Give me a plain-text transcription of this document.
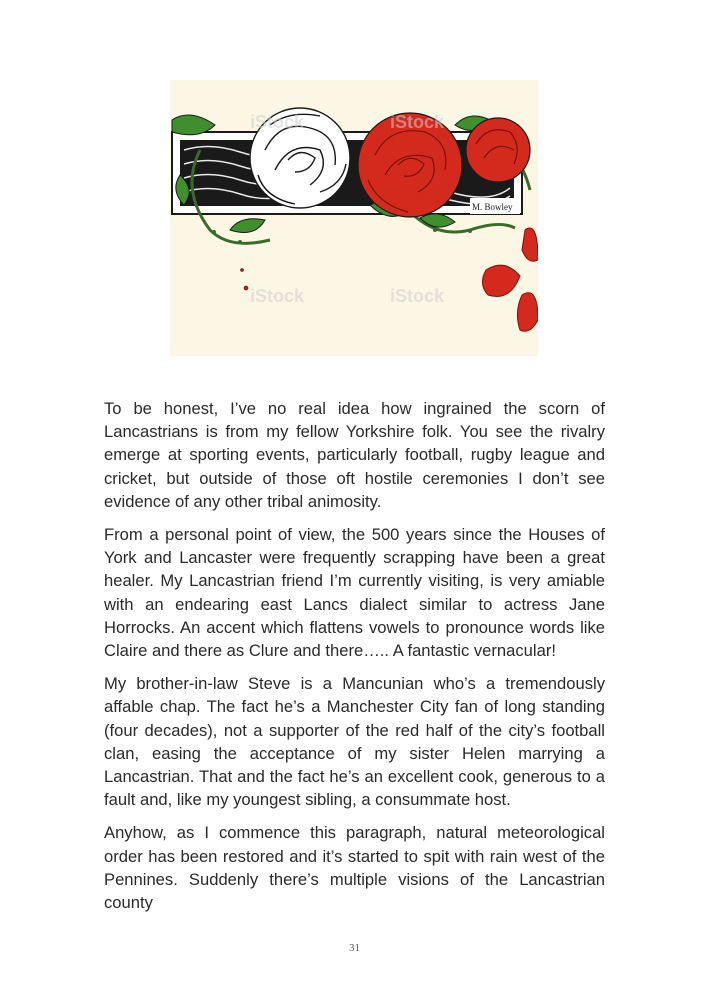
M. Bowley
iStock	iStock
iStock	iStock

To be honest, I’ve no real idea how ingrained the scorn of Lancastrians is from my fellow Yorkshire folk. You see the rivalry emerge at sporting events, particularly football, rugby league and cricket, but outside of those oft hostile ceremonies I don’t see evidence of any other tribal animosity.

From a personal point of view, the 500 years since the Houses of York and Lancaster were frequently scrapping have been a great healer. My Lancastrian friend I’m currently visiting, is very amiable with an endearing east Lancs dialect similar to actress Jane Horrocks. An accent which flattens vowels to pronounce words like Claire and there as Clure and there….. A fantastic vernacular!

My brother-in-law Steve is a Mancunian who’s a tremendously affable chap. The fact he’s a Manchester City fan of long standing (four decades), not a supporter of the red half of the city’s football clan, easing the acceptance of my sister Helen marrying a Lancastrian. That and the fact he’s an excellent cook, generous to a fault and, like my youngest sibling, a consummate host.

Anyhow, as I commence this paragraph, natural meteorological order has been restored and it’s started to spit with rain west of the Pennines. Suddenly there’s multiple visions of the Lancastrian county

31
